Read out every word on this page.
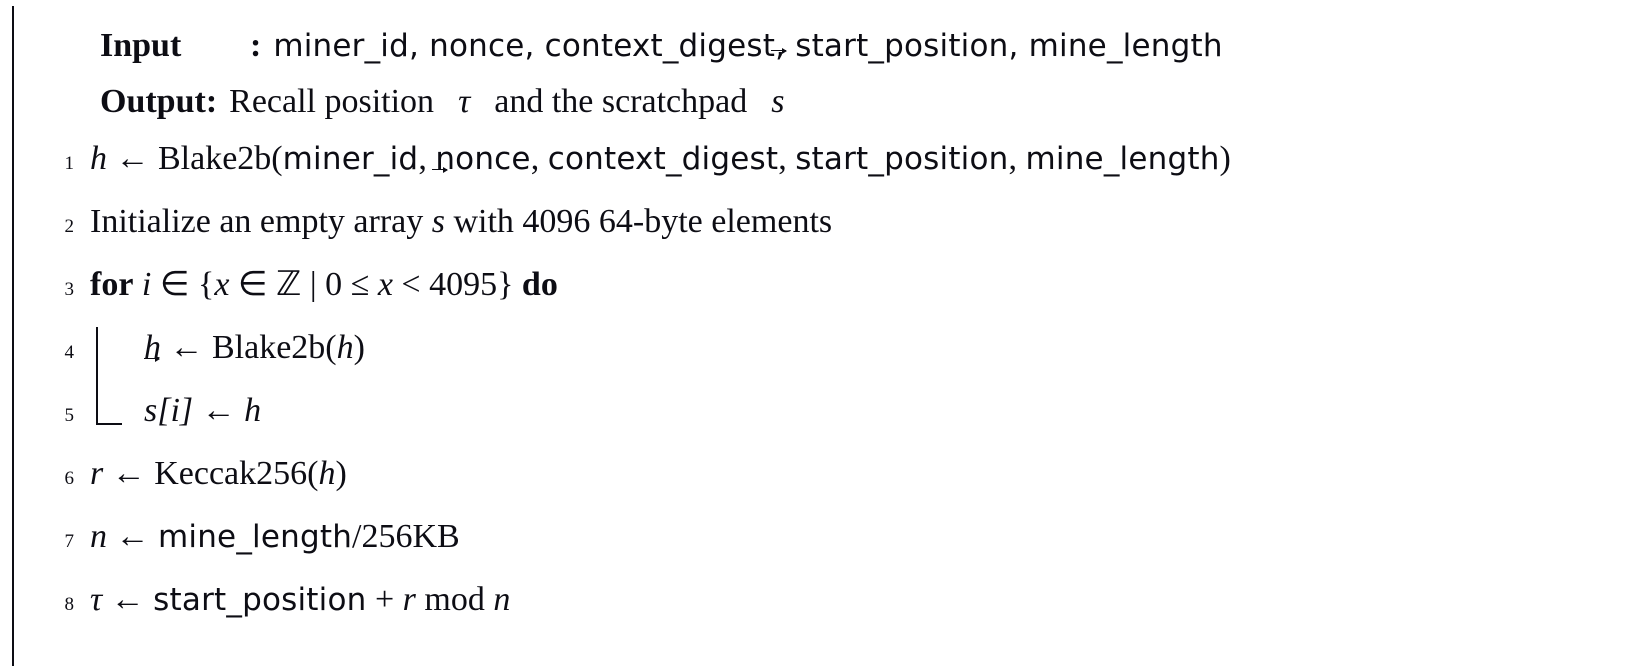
Input	: miner_id, nonce, context_digest, start_position, mine_length
Output: Recall position τ and the scratchpad s
1 h ← Blake2b(miner_id, nonce, context_digest, start_position, mine_length)
2 Initialize an empty array
s with 4096 64-byte elements
3 for i ∈ {x ∈ ℤ | 0 ≤ x < 4095} do
4	h ← Blake2b(h)
5	s[i] ← h
6 r ← Keccak256(h)
7 n ← mine_length/256KB
8 τ ← start_position + r mod n
